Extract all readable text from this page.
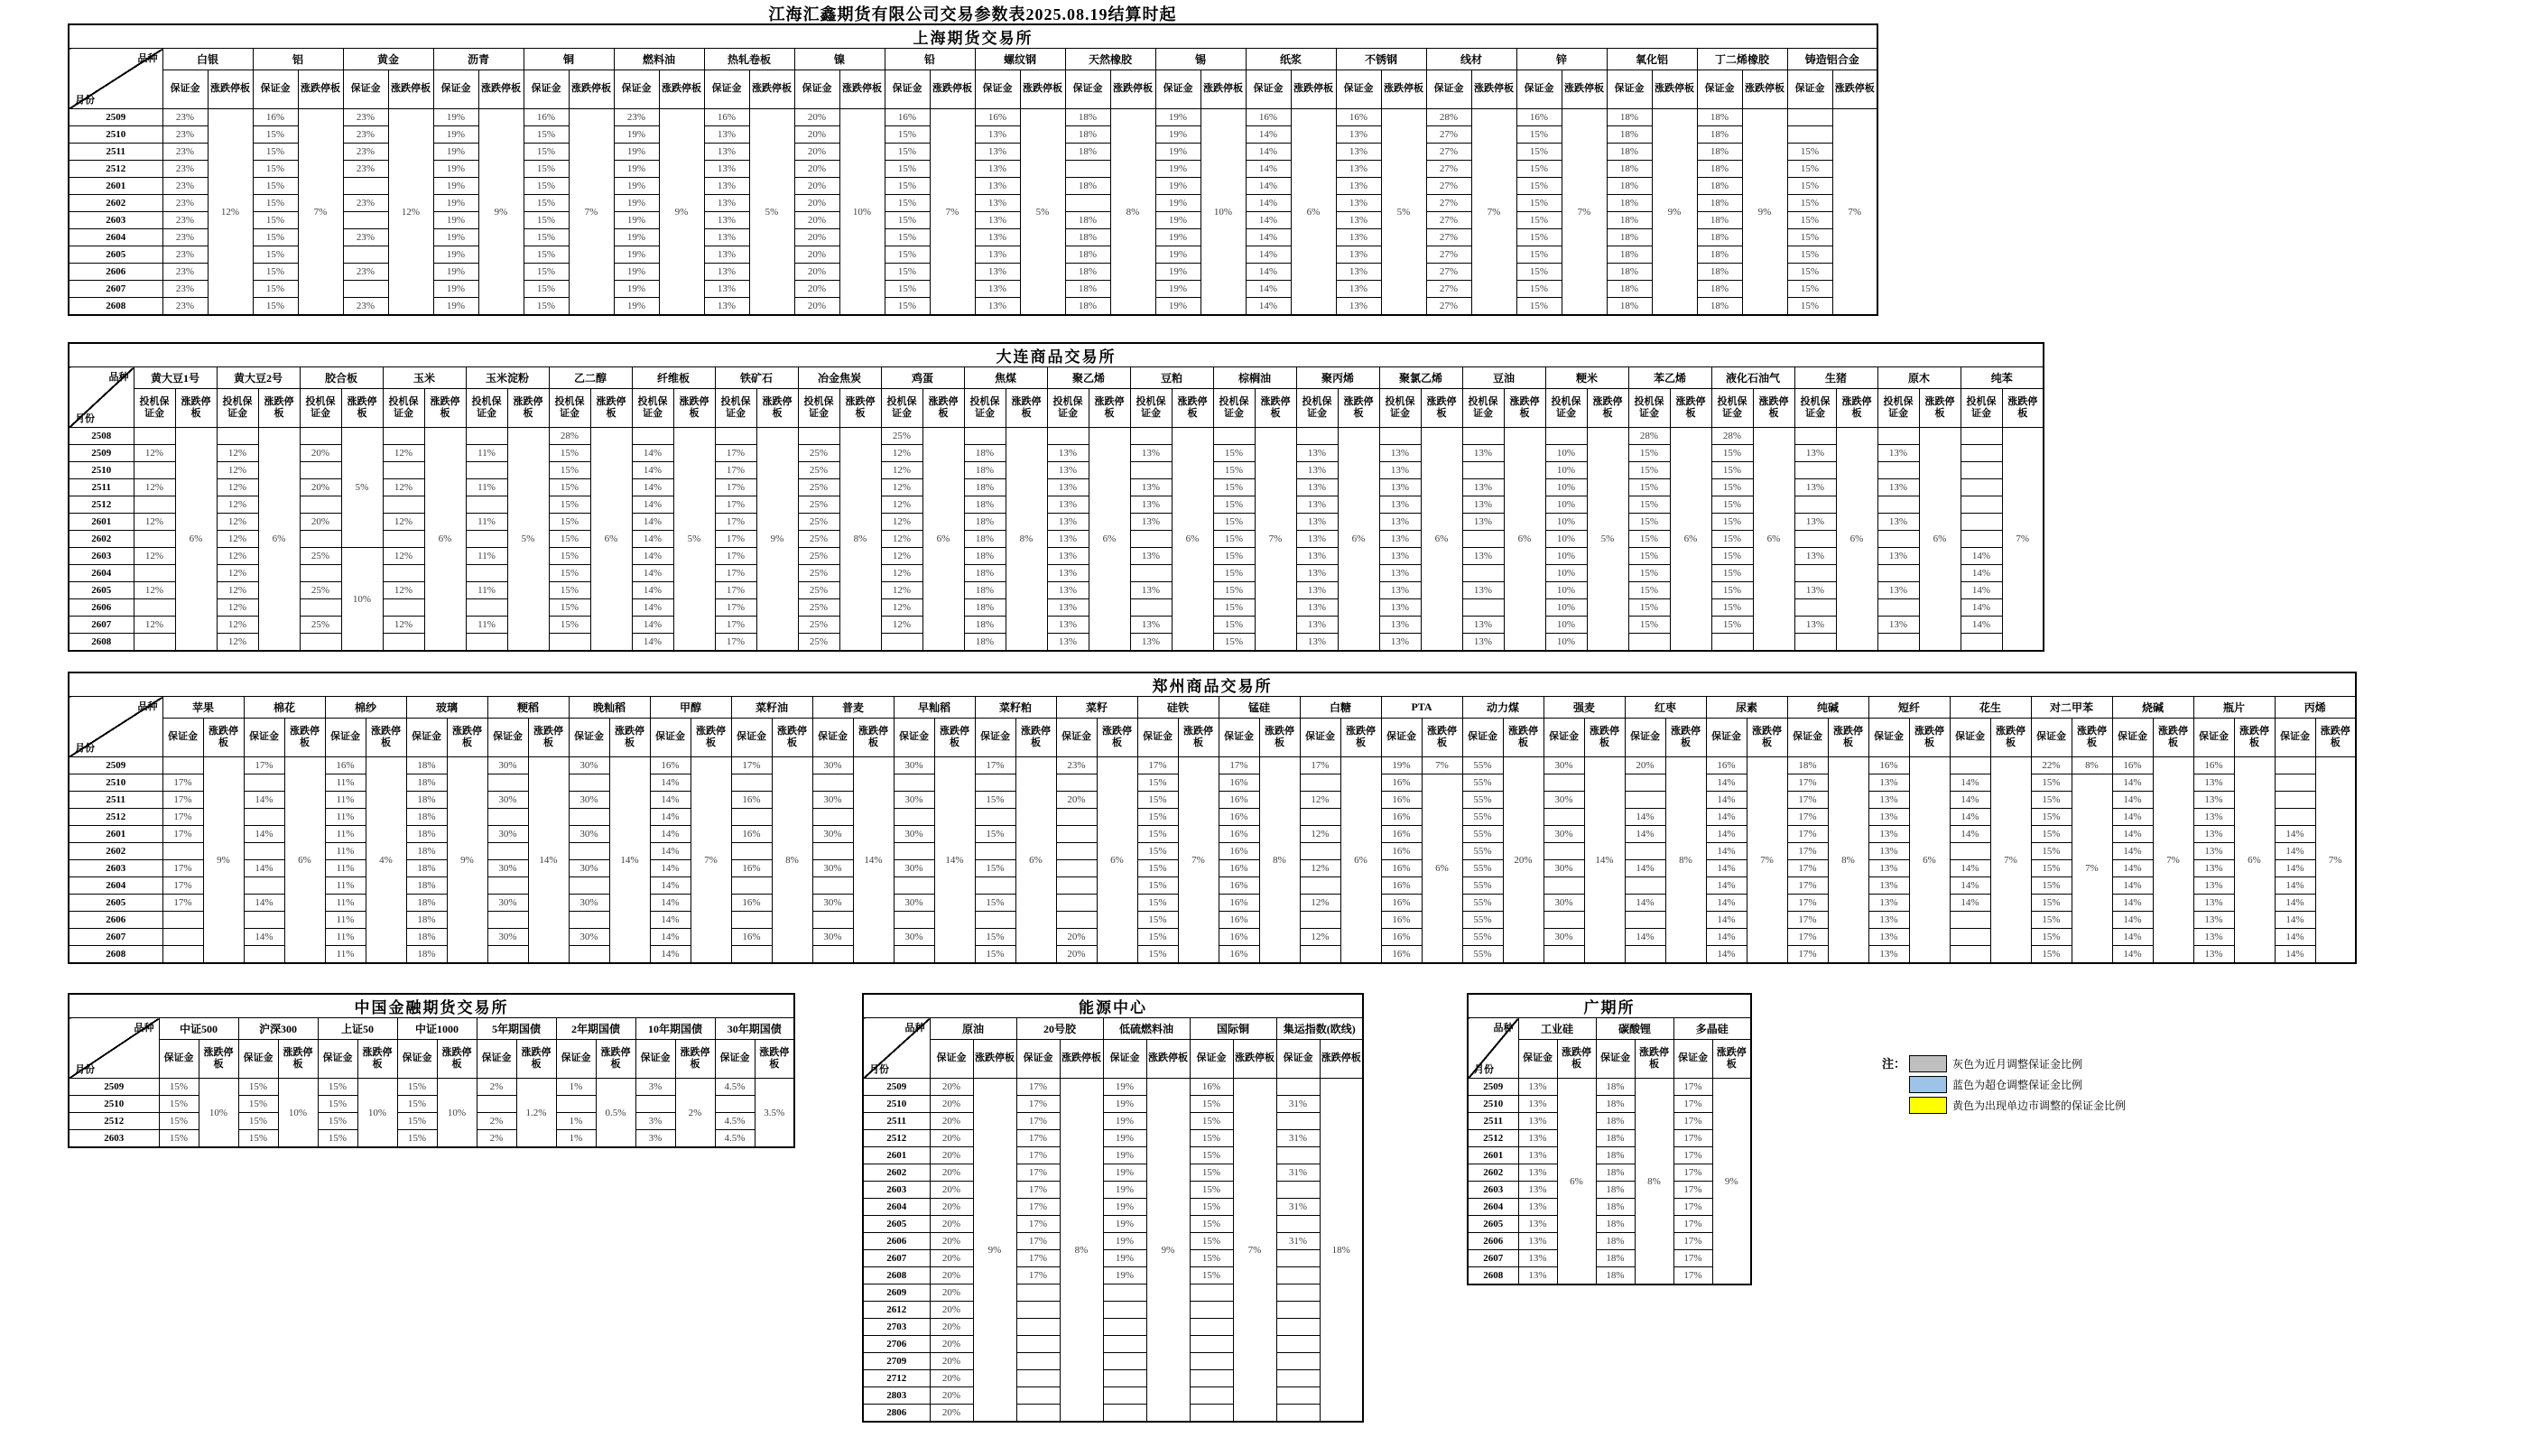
江海汇鑫期货有限公司交易参数表2025.08.19结算时起
上海期货交易所																																						

品种
月份	白银		铝		黄金		沥青		铜		燃料油		热轧卷板		镍		铅		螺纹钢		天然橡胶		锡		纸浆		不锈钢		线材		锌		氧化铝		丁二烯橡胶		铸造铝合金	
	保证金	涨跌停板	保证金	涨跌停板	保证金	涨跌停板	保证金	涨跌停板	保证金	涨跌停板	保证金	涨跌停板	保证金	涨跌停板	保证金	涨跌停板	保证金	涨跌停板	保证金	涨跌停板	保证金	涨跌停板	保证金	涨跌停板	保证金	涨跌停板	保证金	涨跌停板	保证金	涨跌停板	保证金	涨跌停板	保证金	涨跌停板	保证金	涨跌停板	保证金	涨跌停板
2509	23%	12%	16%	7%	23%	12%	19%	9%	16%	7%	23%	9%	16%	5%	20%	10%	16%	7%	16%	5%	18%	8%	19%	10%	16%	6%	16%	5%	28%	7%	16%	7%	18%	9%	18%	9%		7%
2510	23%		15%		23%		19%		15%		19%		13%		20%		15%		13%		18%		19%		14%		13%		27%		15%		18%		18%			
2511	23%		15%		23%		19%		15%		19%		13%		20%		15%		13%		18%		19%		14%		13%		27%		15%		18%		18%		15%	
2512	23%		15%		23%		19%		15%		19%		13%		20%		15%		13%				19%		14%		13%		27%		15%		18%		18%		15%	
2601	23%		15%				19%		15%		19%		13%		20%		15%		13%		18%		19%		14%		13%		27%		15%		18%		18%		15%	
2602	23%		15%		23%		19%		15%		19%		13%		20%		15%		13%				19%		14%		13%		27%		15%		18%		18%		15%	
2603	23%		15%				19%		15%		19%		13%		20%		15%		13%		18%		19%		14%		13%		27%		15%		18%		18%		15%	
2604	23%		15%		23%		19%		15%		19%		13%		20%		15%		13%		18%		19%		14%		13%		27%		15%		18%		18%		15%	
2605	23%		15%				19%		15%		19%		13%		20%		15%		13%		18%		19%		14%		13%		27%		15%		18%		18%		15%	
2606	23%		15%		23%		19%		15%		19%		13%		20%		15%		13%		18%		19%		14%		13%		27%		15%		18%		18%		15%	
2607	23%		15%				19%		15%		19%		13%		20%		15%		13%		18%		19%		14%		13%		27%		15%		18%		18%		15%	
2608	23%		15%		23%		19%		15%		19%		13%		20%		15%		13%		18%		19%		14%		13%		27%		15%		18%		18%		15%	
大连商品交易所																																														

品种
月份	黄大豆1号		黄大豆2号		胶合板		玉米		玉米淀粉		乙二醇		纤维板		铁矿石		冶金焦炭		鸡蛋		焦煤		聚乙烯		豆粕		棕榈油		聚丙烯		聚氯乙烯		豆油		粳米		苯乙烯		液化石油气		生猪		原木		纯苯	
	投机保证金	涨跌停板	投机保证金	涨跌停板	投机保证金	涨跌停板	投机保证金	涨跌停板	投机保证金	涨跌停板	投机保证金	涨跌停板	投机保证金	涨跌停板	投机保证金	涨跌停板	投机保证金	涨跌停板	投机保证金	涨跌停板	投机保证金	涨跌停板	投机保证金	涨跌停板	投机保证金	涨跌停板	投机保证金	涨跌停板	投机保证金	涨跌停板	投机保证金	涨跌停板	投机保证金	涨跌停板	投机保证金	涨跌停板	投机保证金	涨跌停板	投机保证金	涨跌停板	投机保证金	涨跌停板	投机保证金	涨跌停板	投机保证金	涨跌停板
2508		6%		6%		5%		6%		5%	28%	6%		5%		9%		8%	25%	6%		8%		6%		6%		7%		6%		6%		6%		5%	28%	6%	28%	6%		6%		6%		7%
2509	12%		12%		20%		12%		11%		15%		14%		17%		25%		12%		18%		13%		13%		15%		13%		13%		13%		10%		15%		15%		13%		13%			
2510			12%								15%		14%		17%		25%		12%		18%		13%				15%		13%		13%				10%		15%		15%							
2511	12%		12%		20%		12%		11%		15%		14%		17%		25%		12%		18%		13%		13%		15%		13%		13%		13%		10%		15%		15%		13%		13%			
2512			12%								15%		14%		17%		25%		12%		18%		13%		13%		15%		13%		13%		13%		10%		15%		15%							
2601	12%		12%		20%		12%		11%		15%		14%		17%		25%		12%		18%		13%		13%		15%		13%		13%		13%		10%		15%		15%		13%		13%			
2602			12%								15%		14%		17%		25%		12%		18%		13%				15%		13%		13%				10%		15%		15%							
2603	12%		12%		25%	10%	12%		11%		15%		14%		17%		25%		12%		18%		13%		13%		15%		13%		13%		13%		10%		15%		15%		13%		13%		14%	
2604			12%								15%		14%		17%		25%		12%		18%		13%				15%		13%		13%				10%		15%		15%						14%	
2605	12%		12%		25%		12%		11%		15%		14%		17%		25%		12%		18%		13%		13%		15%		13%		13%		13%		10%		15%		15%		13%		13%		14%	
2606			12%								15%		14%		17%		25%		12%		18%		13%				15%		13%		13%				10%		15%		15%						14%	
2607	12%		12%		25%		12%		11%		15%		14%		17%		25%		12%		18%		13%		13%		15%		13%		13%		13%		10%		15%		15%		13%		13%		14%	
2608			12%										14%		17%		25%				18%		13%		13%		15%		13%		13%		13%		10%											
郑州商品交易所																																																						

品种
月份	苹果		棉花		棉纱		玻璃		粳稻		晚籼稻		甲醇		菜籽油		普麦		早籼稻		菜籽粕		菜籽		硅铁		锰硅		白糖		PTA		动力煤		强麦		红枣		尿素		纯碱		短纤		花生		对二甲苯		烧碱		瓶片		丙烯	
	保证金	涨跌停板	保证金	涨跌停板	保证金	涨跌停板	保证金	涨跌停板	保证金	涨跌停板	保证金	涨跌停板	保证金	涨跌停板	保证金	涨跌停板	保证金	涨跌停板	保证金	涨跌停板	保证金	涨跌停板	保证金	涨跌停板	保证金	涨跌停板	保证金	涨跌停板	保证金	涨跌停板	保证金	涨跌停板	保证金	涨跌停板	保证金	涨跌停板	保证金	涨跌停板	保证金	涨跌停板	保证金	涨跌停板	保证金	涨跌停板	保证金	涨跌停板	保证金	涨跌停板	保证金	涨跌停板	保证金	涨跌停板	保证金	涨跌停板
2509		9%	17%	6%	16%	4%	18%	9%	30%	14%	30%	14%	16%	7%	17%	8%	30%	14%	30%	14%	17%	6%	23%	6%	17%	7%	17%	8%	17%	6%	19%	7%	55%	20%	30%	14%	20%	8%	16%	7%	18%	8%	16%	6%		7%	22%	8%	16%	7%	16%	6%		7%
2510	17%				11%		18%						14%												15%		16%				16%	6%	55%						14%		17%		13%		14%		15%	7%	14%		13%			
2511	17%		14%		11%		18%		30%		30%		14%		16%		30%		30%		15%		20%		15%		16%		12%		16%		55%		30%				14%		17%		13%		14%		15%		14%		13%			
2512	17%				11%		18%						14%												15%		16%				16%		55%				14%		14%		17%		13%		14%		15%		14%		13%			
2601	17%		14%		11%		18%		30%		30%		14%		16%		30%		30%		15%				15%		16%		12%		16%		55%		30%		14%		14%		17%		13%		14%		15%		14%		13%		14%	
2602					11%		18%						14%												15%		16%				16%		55%						14%		17%		13%				15%		14%		13%		14%	
2603	17%		14%		11%		18%		30%		30%		14%		16%		30%		30%		15%				15%		16%		12%		16%		55%		30%		14%		14%		17%		13%		14%		15%		14%		13%		14%	
2604	17%				11%		18%						14%												15%		16%				16%		55%						14%		17%		13%		14%		15%		14%		13%		14%	
2605	17%		14%		11%		18%		30%		30%		14%		16%		30%		30%		15%				15%		16%		12%		16%		55%		30%		14%		14%		17%		13%		14%		15%		14%		13%		14%	
2606					11%		18%						14%												15%		16%				16%		55%						14%		17%		13%				15%		14%		13%		14%	
2607			14%		11%		18%		30%		30%		14%		16%		30%		30%		15%		20%		15%		16%		12%		16%		55%		30%		14%		14%		17%		13%				15%		14%		13%		14%	
2608					11%		18%						14%								15%		20%		15%		16%				16%		55%						14%		17%		13%				15%		14%		13%		14%	
中国金融期货交易所																

品种
月份	中证500		沪深300		上证50		中证1000		5年期国债		2年期国债		10年期国债		30年期国债	
	保证金	涨跌停板	保证金	涨跌停板	保证金	涨跌停板	保证金	涨跌停板	保证金	涨跌停板	保证金	涨跌停板	保证金	涨跌停板	保证金	涨跌停板
2509	15%	10%	15%	10%	15%	10%	15%	10%	2%	1.2%	1%	0.5%	3%	2%	4.5%	3.5%
2510	15%		15%		15%		15%									
2512	15%		15%		15%		15%		2%		1%		3%		4.5%	
2603	15%		15%		15%		15%		2%		1%		3%		4.5%	
能源中心										

品种
月份	原油		20号胶		低硫燃料油		国际铜		集运指数(欧线)	
	保证金	涨跌停板	保证金	涨跌停板	保证金	涨跌停板	保证金	涨跌停板	保证金	涨跌停板
2509	20%	9%	17%	8%	19%	9%	16%	7%		18%
2510	20%		17%		19%		15%		31%	
2511	20%		17%		19%		15%			
2512	20%		17%		19%		15%		31%	
2601	20%		17%		19%		15%			
2602	20%		17%		19%		15%		31%	
2603	20%		17%		19%		15%			
2604	20%		17%		19%		15%		31%	
2605	20%		17%		19%		15%			
2606	20%		17%		19%		15%		31%	
2607	20%		17%		19%		15%			
2608	20%		17%		19%		15%			
2609	20%									
2612	20%									
2703	20%									
2706	20%									
2709	20%									
2712	20%									
2803	20%									
2806	20%									
广期所						

品种
月份	工业硅		碳酸锂		多晶硅	
	保证金	涨跌停板	保证金	涨跌停板	保证金	涨跌停板
2509	13%	6%	18%	8%	17%	9%
2510	13%		18%		17%	
2511	13%		18%		17%	
2512	13%		18%		17%	
2601	13%		18%		17%	
2602	13%		18%		17%	
2603	13%		18%		17%	
2604	13%		18%		17%	
2605	13%		18%		17%	
2606	13%		18%		17%	
2607	13%		18%		17%	
2608	13%		18%		17%	
注：	灰色为近月调整保证金比例
蓝色为超仓调整保证金比例
黄色为出现单边市调整的保证金比例
